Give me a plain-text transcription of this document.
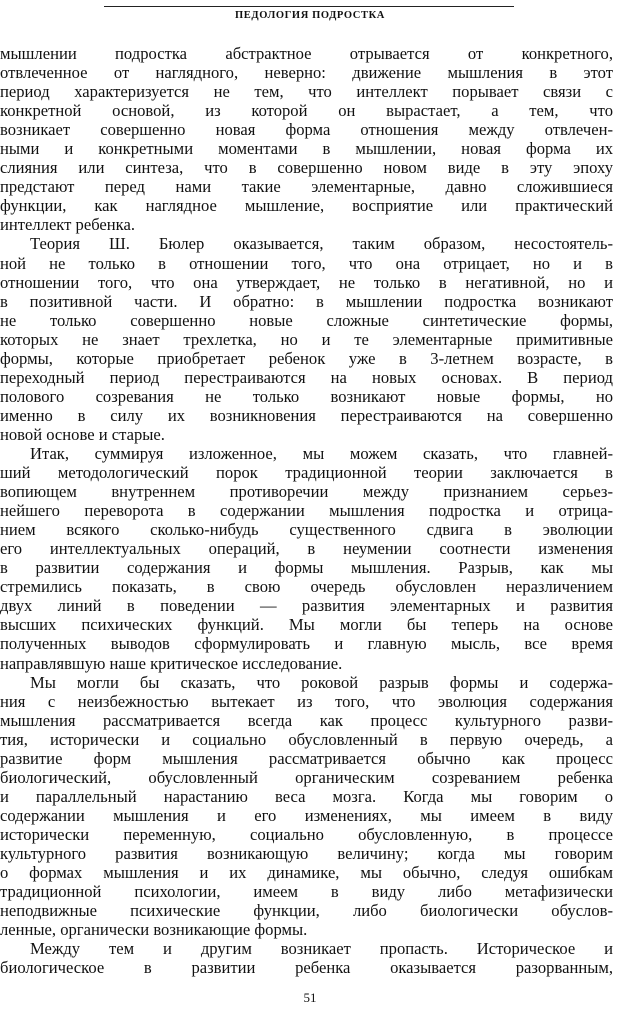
ПЕДОЛОГИЯ ПОДРОСТКА
мышлении подростка абстрактное отрывается от конкретного,
отвлеченное от наглядного, неверно: движение мышления в этот
период характеризуется не тем, что интеллект порывает связи с
конкретной основой, из которой он вырастает, а тем, что
возникает совершенно новая форма отношения между отвлечен-
ными и конкретными моментами в мышлении, новая форма их
слияния или синтеза, что в совершенно новом виде в эту эпоху
предстают перед нами такие элементарные, давно сложившиеся
функции, как наглядное мышление, восприятие или практический
интеллект ребенка.
Теория Ш. Бюлер оказывается, таким образом, несостоятель-
ной не только в отношении того, что она отрицает, но и в
отношении того, что она утверждает, не только в негативной, но и
в позитивной части. И обратно: в мышлении подростка возникают
не только совершенно новые сложные синтетические формы,
которых не знает трехлетка, но и те элементарные примитивные
формы, которые приобретает ребенок уже в 3-летнем возрасте, в
переходный период перестраиваются на новых основах. В период
полового созревания не только возникают новые формы, но
именно в силу их возникновения перестраиваются на совершенно
новой основе и старые.
Итак, суммируя изложенное, мы можем сказать, что главней-
ший методологический порок традиционной теории заключается в
вопиющем внутреннем противоречии между признанием серьез-
нейшего переворота в содержании мышления подростка и отрица-
нием всякого сколько-нибудь существенного сдвига в эволюции
его интеллектуальных операций, в неумении соотнести изменения
в развитии содержания и формы мышления. Разрыв, как мы
стремились показать, в свою очередь обусловлен неразличением
двух линий в поведении — развития элементарных и развития
высших психических функций. Мы могли бы теперь на основе
полученных выводов сформулировать и главную мысль, все время
направлявшую наше критическое исследование.
Мы могли бы сказать, что роковой разрыв формы и содержа-
ния с неизбежностью вытекает из того, что эволюция содержания
мышления рассматривается всегда как процесс культурного разви-
тия, исторически и социально обусловленный в первую очередь, а
развитие форм мышления рассматривается обычно как процесс
биологический, обусловленный органическим созреванием ребенка
и параллельный нарастанию веса мозга. Когда мы говорим о
содержании мышления и его изменениях, мы имеем в виду
исторически переменную, социально обусловленную, в процессе
культурного развития возникающую величину; когда мы говорим
о формах мышления и их динамике, мы обычно, следуя ошибкам
традиционной психологии, имеем в виду либо метафизически
неподвижные психические функции, либо биологически обуслов-
ленные, органически возникающие формы.
Между тем и другим возникает пропасть. Историческое и
биологическое в развитии ребенка оказывается разорванным,
51
